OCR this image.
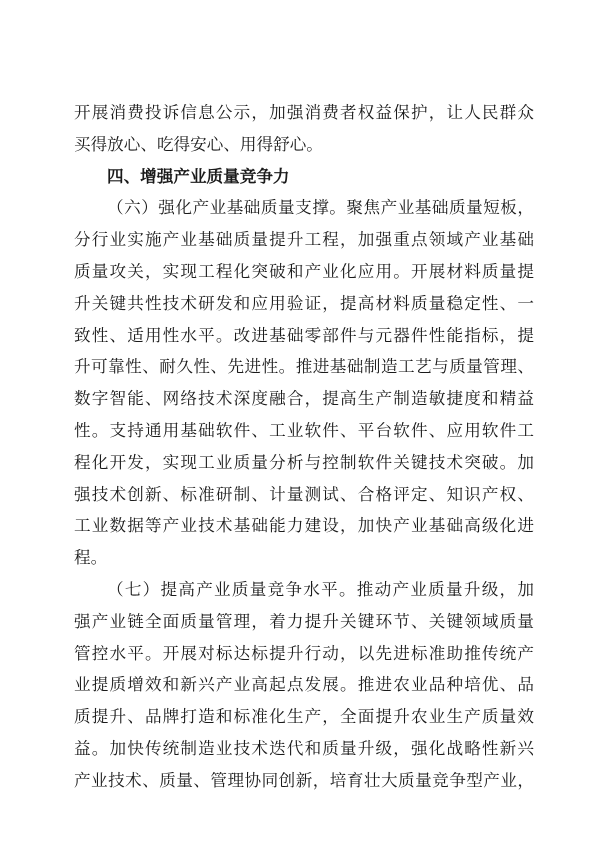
开展消费投诉信息公示，加强消费者权益保护，让人民群众
买得放心、吃得安心、用得舒心。
四、增强产业质量竞争力
（六）强化产业基础质量支撑。聚焦产业基础质量短板，
分行业实施产业基础质量提升工程，加强重点领域产业基础
质量攻关，实现工程化突破和产业化应用。开展材料质量提
升关键共性技术研发和应用验证，提高材料质量稳定性、一
致性、适用性水平。改进基础零部件与元器件性能指标，提
升可靠性、耐久性、先进性。推进基础制造工艺与质量管理、
数字智能、网络技术深度融合，提高生产制造敏捷度和精益
性。支持通用基础软件、工业软件、平台软件、应用软件工
程化开发，实现工业质量分析与控制软件关键技术突破。加
强技术创新、标准研制、计量测试、合格评定、知识产权、
工业数据等产业技术基础能力建设，加快产业基础高级化进
程。
（七）提高产业质量竞争水平。推动产业质量升级，加
强产业链全面质量管理，着力提升关键环节、关键领域质量
管控水平。开展对标达标提升行动，以先进标准助推传统产
业提质增效和新兴产业高起点发展。推进农业品种培优、品
质提升、品牌打造和标准化生产，全面提升农业生产质量效
益。加快传统制造业技术迭代和质量升级，强化战略性新兴
产业技术、质量、管理协同创新，培育壮大质量竞争型产业，
